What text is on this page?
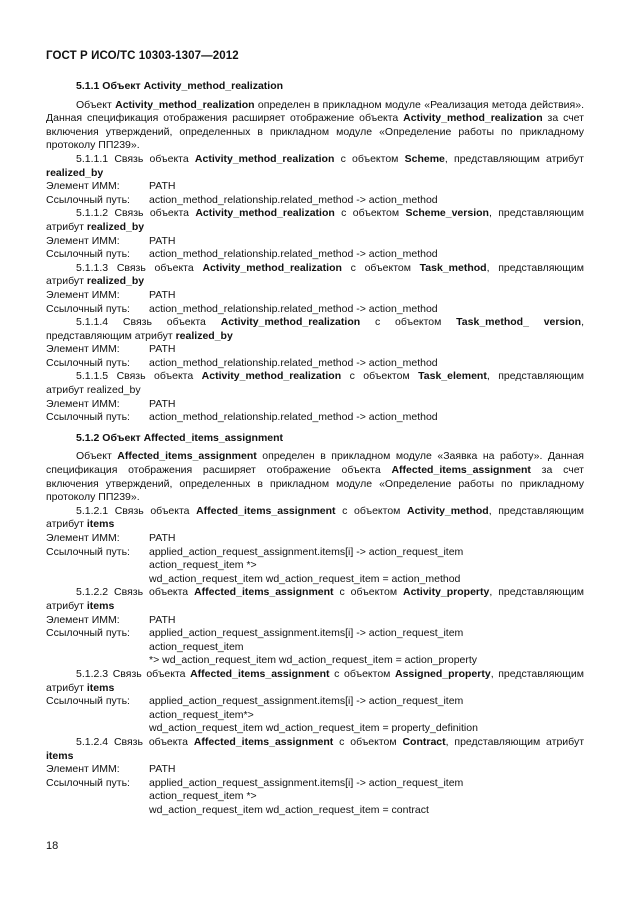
ГОСТ Р ИСО/ТС 10303-1307—2012
5.1.1 Объект Activity_method_realization

Объект Activity_method_realization определен в прикладном модуле «Реализация метода действия». Данная спецификация отображения расширяет отображение объекта Activity_method_realization за счет включения утверждений, определенных в прикладном модуле «Определение работы по прикладному протоколу ПП239».

5.1.1.1 Связь объекта Activity_method_realization с объектом Scheme, представляющим атрибут realized_by

Элемент ИММ:	PATH
Ссылочный путь:	action_method_relationship.related_method -> action_method

5.1.1.2 Связь объекта Activity_method_realization с объектом Scheme_version, представляющим атрибут realized_by

Элемент ИММ:	PATH
Ссылочный путь:	action_method_relationship.related_method -> action_method

5.1.1.3 Связь объекта Activity_method_realization с объектом Task_method, представляющим атрибут realized_by

Элемент ИММ:	PATH
Ссылочный путь:	action_method_relationship.related_method -> action_method

5.1.1.4 Связь объекта Activity_method_realization с объектом Task_method_ version, представляющим атрибут realized_by

Элемент ИММ:	PATH
Ссылочный путь:	action_method_relationship.related_method -> action_method

5.1.1.5 Связь объекта Activity_method_realization с объектом Task_element, представляющим атрибут realized_by

Элемент ИММ:	PATH
Ссылочный путь:	action_method_relationship.related_method -> action_method
5.1.2 Объект Affected_items_assignment

Объект Affected_items_assignment определен в прикладном модуле «Заявка на работу». Данная спецификация отображения расширяет отображение объекта Affected_items_assignment за счет включения утверждений, определенных в прикладном модуле «Определение работы по прикладному протоколу ПП239».

5.1.2.1 Связь объекта Affected_items_assignment с объектом Activity_method, представляющим атрибут items

Элемент ИММ:	PATH
Ссылочный путь:	applied_action_request_assignment.items[i] -> action_request_item
action_request_item *>
wd_action_request_item wd_action_request_item = action_method

5.1.2.2 Связь объекта Affected_items_assignment с объектом Activity_property, представляющим атрибут items

Элемент ИММ:	PATH
Ссылочный путь:	applied_action_request_assignment.items[i] -> action_request_item
action_request_item
*> wd_action_request_item wd_action_request_item = action_property

5.1.2.3 Связь объекта Affected_items_assignment с объектом Assigned_property, представляющим атрибут items

Ссылочный путь:	applied_action_request_assignment.items[i] -> action_request_item
action_request_item*>
wd_action_request_item wd_action_request_item = property_definition

5.1.2.4 Связь объекта Affected_items_assignment с объектом Contract, представляющим атрибут items

Элемент ИММ:	PATH
Ссылочный путь:	applied_action_request_assignment.items[i] -> action_request_item
action_request_item *>
wd_action_request_item wd_action_request_item = contract
18
